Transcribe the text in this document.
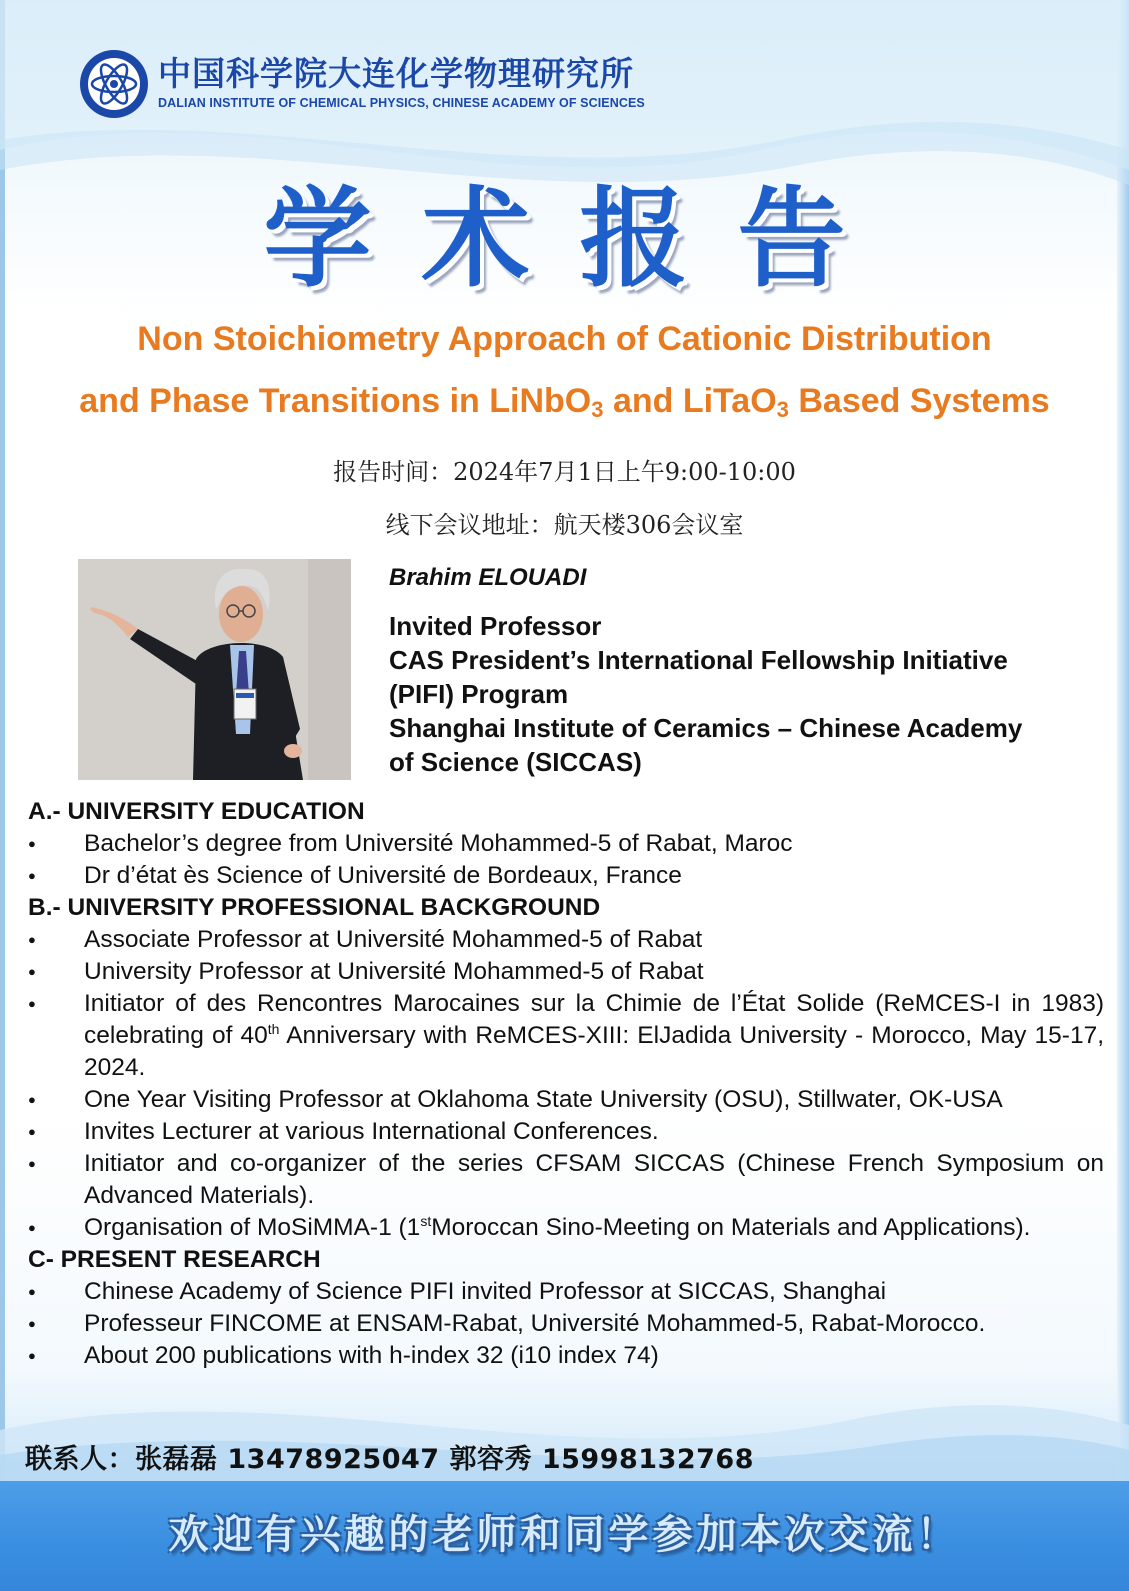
中国科学院大连化学物理研究所
DALIAN INSTITUTE OF CHEMICAL PHYSICS, CHINESE ACADEMY OF SCIENCES
学术报告
Non Stoichiometry Approach of Cationic Distribution
and Phase Transitions in LiNbO$_3$ and LiTaO$_3$ Based Systems
报告时间：2024年7月1日上午9:00-10:00
线下会议地址：航天楼306会议室
Brahim ELOUADI
Invited Professor
CAS President’s International Fellowship Initiative
(PIFI) Program
Shanghai Institute of Ceramics – Chinese Academy
of Science (SICCAS)
A.- UNIVERSITY EDUCATION
● Bachelor’s degree from Université Mohammed-5 of Rabat, Maroc
● Dr d’état ès Science of Université de Bordeaux, France
B.- UNIVERSITY PROFESSIONAL BACKGROUND
● Associate Professor at Université Mohammed-5 of Rabat
● University Professor at Université Mohammed-5 of Rabat
● Initiator of des Rencontres Marocaines sur la Chimie de l’État Solide (ReMCES-I in 1983) celebrating of 40th Anniversary with ReMCES-XIII: ElJadida University - Morocco, May 15-17, 2024.
● One Year Visiting Professor at Oklahoma State University (OSU), Stillwater, OK-USA
● Invites Lecturer at various International Conferences.
● Initiator and co-organizer of the series CFSAM SICCAS (Chinese French Symposium on Advanced Materials).
● Organisation of MoSiMMA-1 (1stMoroccan Sino-Meeting on Materials and Applications).
C- PRESENT RESEARCH
● Chinese Academy of Science PIFI invited Professor at SICCAS, Shanghai
● Professeur FINCOME at ENSAM-Rabat, Université Mohammed-5, Rabat-Morocco.
● About 200 publications with h-index 32 (i10 index 74)
联系人：张磊磊 13478925047 郭容秀 15998132768
欢迎有兴趣的老师和同学参加本次交流！
